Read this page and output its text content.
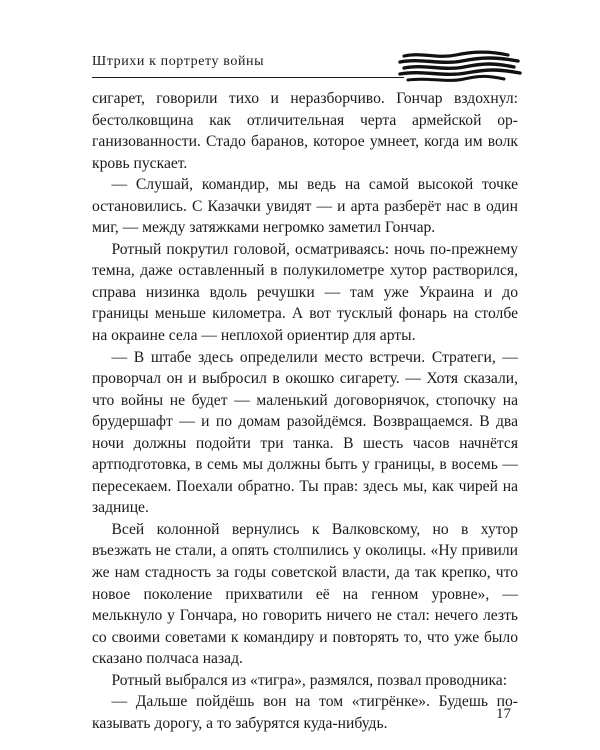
Штрихи к портрету войны

сигарет, говорили тихо и неразборчиво. Гончар вздохнул: бестолковщина как отличительная черта армейской организованности. Стадо баранов, которое умнеет, когда им волк кровь пускает.

— Слушай, командир, мы ведь на самой высокой точке остановились. С Казачки увидят — и арта разберёт нас в один миг, — между затяжками негромко заметил Гончар.

Ротный покрутил головой, осматриваясь: ночь по-прежнему темна, даже оставленный в полукилометре хутор растворился, справа низинка вдоль речушки — там уже Украина и до границы меньше километра. А вот тусклый фонарь на столбе на окраине села — неплохой ориентир для арты.

— В штабе здесь определили место встречи. Стратеги, — проворчал он и выбросил в окошко сигарету. — Хотя сказали, что войны не будет — маленький договорнячок, стопочку на брудершафт — и по домам разойдёмся. Возвращаемся. В два ночи должны подойти три танка. В шесть часов начнётся артподготовка, в семь мы должны быть у границы, в восемь — пересекаем. Поехали обратно. Ты прав: здесь мы, как чирей на заднице.

Всей колонной вернулись к Валковскому, но в хутор въезжать не стали, а опять столпились у околицы. «Ну привили же нам стадность за годы советской власти, да так крепко, что новое поколение прихватили её на генном уровне», — мелькнуло у Гончара, но говорить ничего не стал: нечего лезть со своими советами к командиру и повторять то, что уже было сказано полчаса назад.

Ротный выбрался из «тигра», размялся, позвал проводника:

— Дальше пойдёшь вон на том «тигрёнке». Будешь показывать дорогу, а то забурятся куда-нибудь.

17
